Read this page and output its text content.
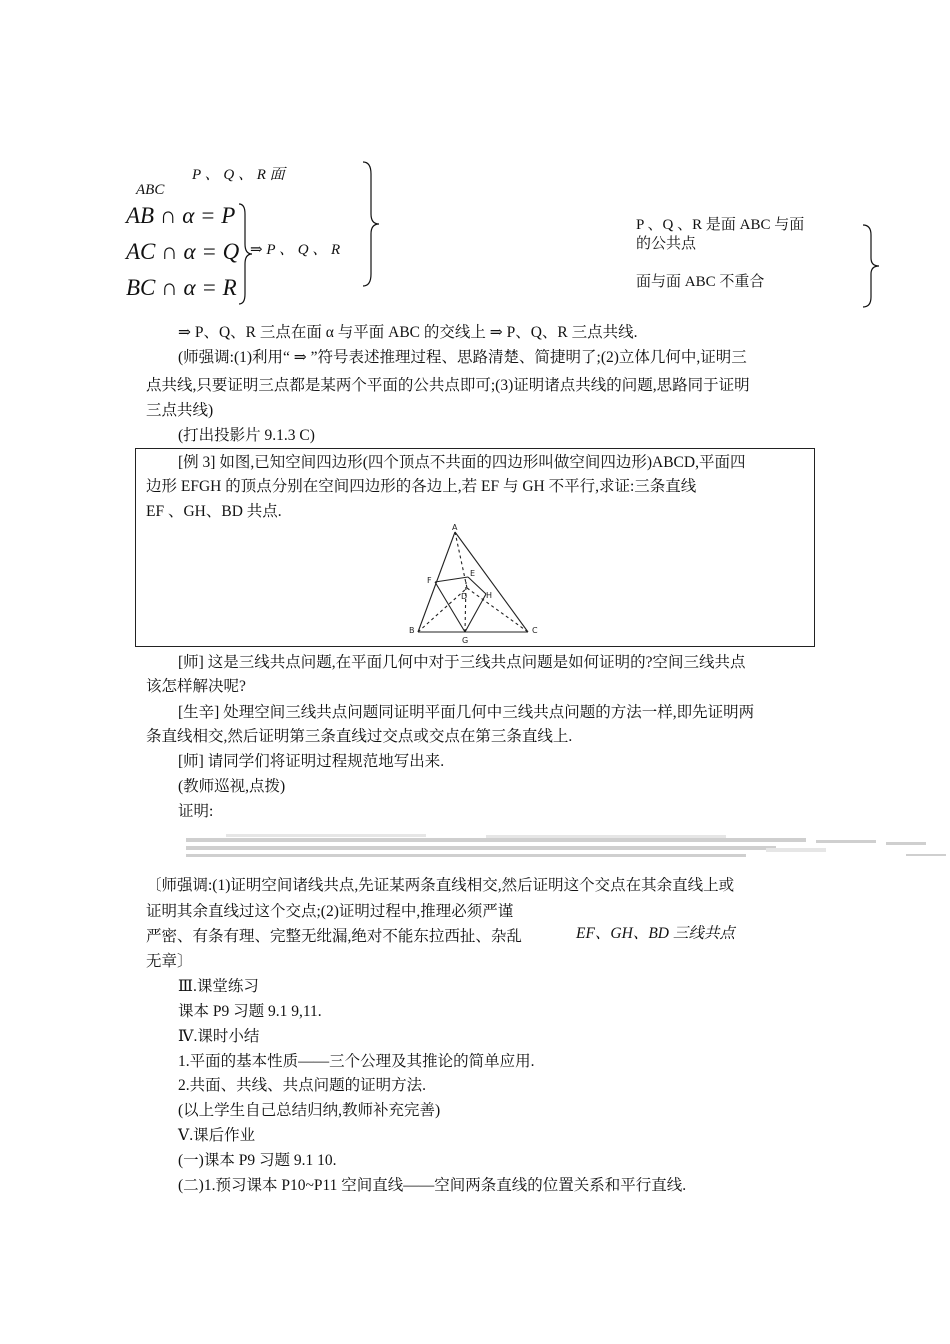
P 、 Q 、 R 面
ABC
AB ∩ α = P
AC ∩ α = Q
BC ∩ α = R
⇒ P 、 Q 、 R
P 、Q 、R 是面 ABC 与面
的公共点
面与面 ABC 不重合
⇒ P、Q、R 三点在面 α 与平面 ABC 的交线上 ⇒ P、Q、R 三点共线.
(师强调:(1)利用“ ⇒ ”符号表述推理过程、思路清楚、简捷明了;(2)立体几何中,证明三
点共线,只要证明三点都是某两个平面的公共点即可;(3)证明诸点共线的问题,思路同于证明
三点共线)
(打出投影片 9.1.3 C)
[例 3] 如图,已知空间四边形(四个顶点不共面的四边形叫做空间四边形)ABCD,平面四
边形 EFGH 的顶点分别在空间四边形的各边上,若 EF 与 GH 不平行,求证:三条直线
EF 、GH、BD 共点.
A
B	C
D
E
F
G
H
[师] 这是三线共点问题,在平面几何中对于三线共点问题是如何证明的?空间三线共点
该怎样解决呢?
[生辛] 处理空间三线共点问题同证明平面几何中三线共点问题的方法一样,即先证明两
条直线相交,然后证明第三条直线过交点或交点在第三条直线上.
[师] 请同学们将证明过程规范地写出来.
(教师巡视,点拨)
证明:
〔师强调:(1)证明空间诸线共点,先证某两条直线相交,然后证明这个交点在其余直线上或
证明其余直线过这个交点;(2)证明过程中,推理必须严谨
严密、有条有理、完整无纰漏,绝对不能东拉西扯、杂乱	EF、GH、BD 三线共点
无章〕
Ⅲ.课堂练习
课本 P9 习题 9.1 9,11.
Ⅳ.课时小结
1.平面的基本性质——三个公理及其推论的简单应用.
2.共面、共线、共点问题的证明方法.
(以上学生自己总结归纳,教师补充完善)
Ⅴ.课后作业
(一)课本 P9 习题 9.1 10.
(二)1.预习课本 P10~P11 空间直线——空间两条直线的位置关系和平行直线.
